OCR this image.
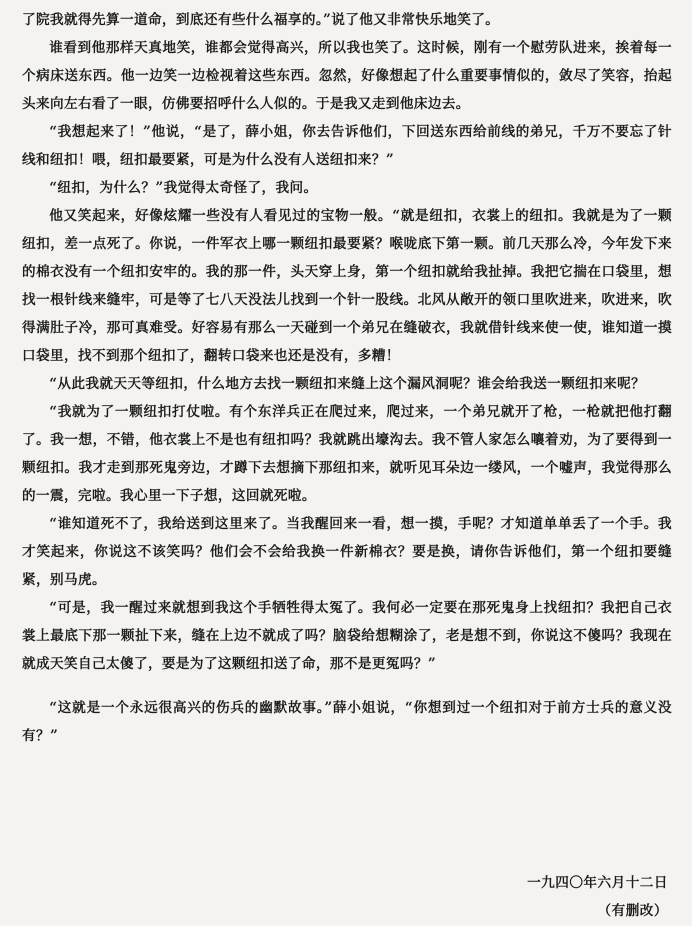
了院我就得先算一道命，到底还有些什么福享的。”说了他又非常快乐地笑了。

谁看到他那样天真地笑，谁都会觉得高兴，所以我也笑了。这时候，刚有一个慰劳队进来，挨着每一个病床送东西。他一边笑一边检视着这些东西。忽然，好像想起了什么重要事情似的，敛尽了笑容，抬起头来向左右看了一眼，仿佛要招呼什么人似的。于是我又走到他床边去。

“我想起来了！”他说，“是了，薛小姐，你去告诉他们，下回送东西给前线的弟兄，千万不要忘了针线和纽扣！喂，纽扣最要紧，可是为什么没有人送纽扣来？”

“纽扣，为什么？”我觉得太奇怪了，我问。

他又笑起来，好像炫耀一些没有人看见过的宝物一般。“就是纽扣，衣裳上的纽扣。我就是为了一颗纽扣，差一点死了。你说，一件军衣上哪一颗纽扣最要紧？喉咙底下第一颗。前几天那么冷，今年发下来的棉衣没有一个纽扣安牢的。我的那一件，头天穿上身，第一个纽扣就给我扯掉。我把它揣在口袋里，想找一根针线来缝牢，可是等了七八天没法儿找到一个针一股线。北风从敞开的领口里吹进来，吹进来，吹得满肚子冷，那可真难受。好容易有那么一天碰到一个弟兄在缝破衣，我就借针线来使一使，谁知道一摸口袋里，找不到那个纽扣了，翻转口袋来也还是没有，多糟！

“从此我就天天等纽扣，什么地方去找一颗纽扣来缝上这个漏风洞呢？谁会给我送一颗纽扣来呢？

“我就为了一颗纽扣打仗啦。有个东洋兵正在爬过来，爬过来，一个弟兄就开了枪，一枪就把他打翻了。我一想，不错，他衣裳上不是也有纽扣吗？我就跳出壕沟去。我不管人家怎么嚷着劝，为了要得到一颗纽扣。我才走到那死鬼旁边，才蹲下去想摘下那纽扣来，就听见耳朵边一缕风，一个嘘声，我觉得那么的一震，完啦。我心里一下子想，这回就死啦。

“谁知道死不了，我给送到这里来了。当我醒回来一看，想一摸，手呢？才知道单单丢了一个手。我才笑起来，你说这不该笑吗？他们会不会给我换一件新棉衣？要是换，请你告诉他们，第一个纽扣要缝紧，别马虎。

“可是，我一醒过来就想到我这个手牺牲得太冤了。我何必一定要在那死鬼身上找纽扣？我把自己衣裳上最底下那一颗扯下来，缝在上边不就成了吗？脑袋给想糊涂了，老是想不到，你说这不傻吗？我现在就成天笑自己太傻了，要是为了这颗纽扣送了命，那不是更冤吗？”

“这就是一个永远很高兴的伤兵的幽默故事。”薛小姐说，“你想到过一个纽扣对于前方士兵的意义没有？”

一九四〇年六月十二日
（有删改）
